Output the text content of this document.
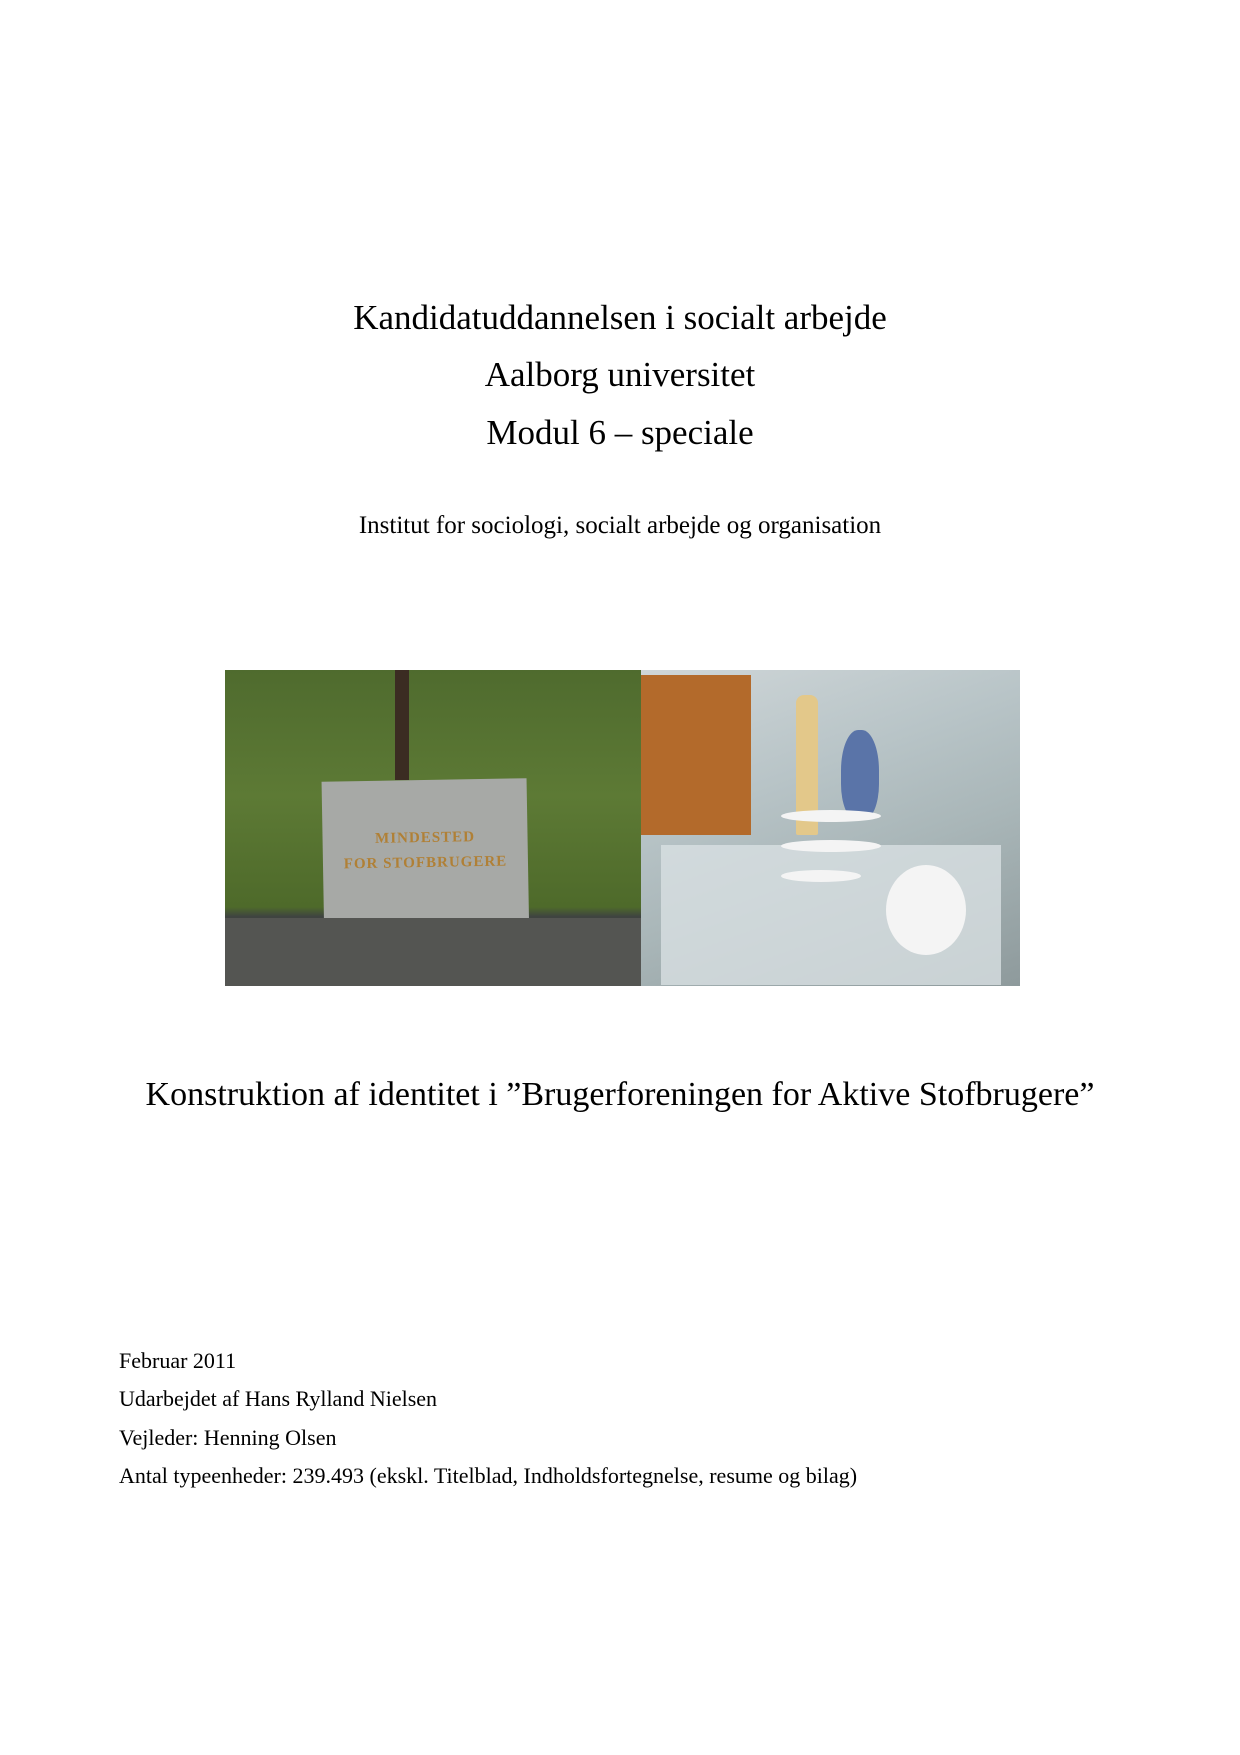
Kandidatuddannelsen i socialt arbejde
Aalborg universitet
Modul 6 – speciale
Institut for sociologi, socialt arbejde og organisation
MINDESTED
FOR STOFBRUGERE
Konstruktion af identitet i ”Brugerforeningen for Aktive Stofbrugere”
Februar 2011
Udarbejdet af Hans Rylland Nielsen
Vejleder: Henning Olsen
Antal typeenheder: 239.493 (ekskl. Titelblad, Indholdsfortegnelse, resume og bilag)
